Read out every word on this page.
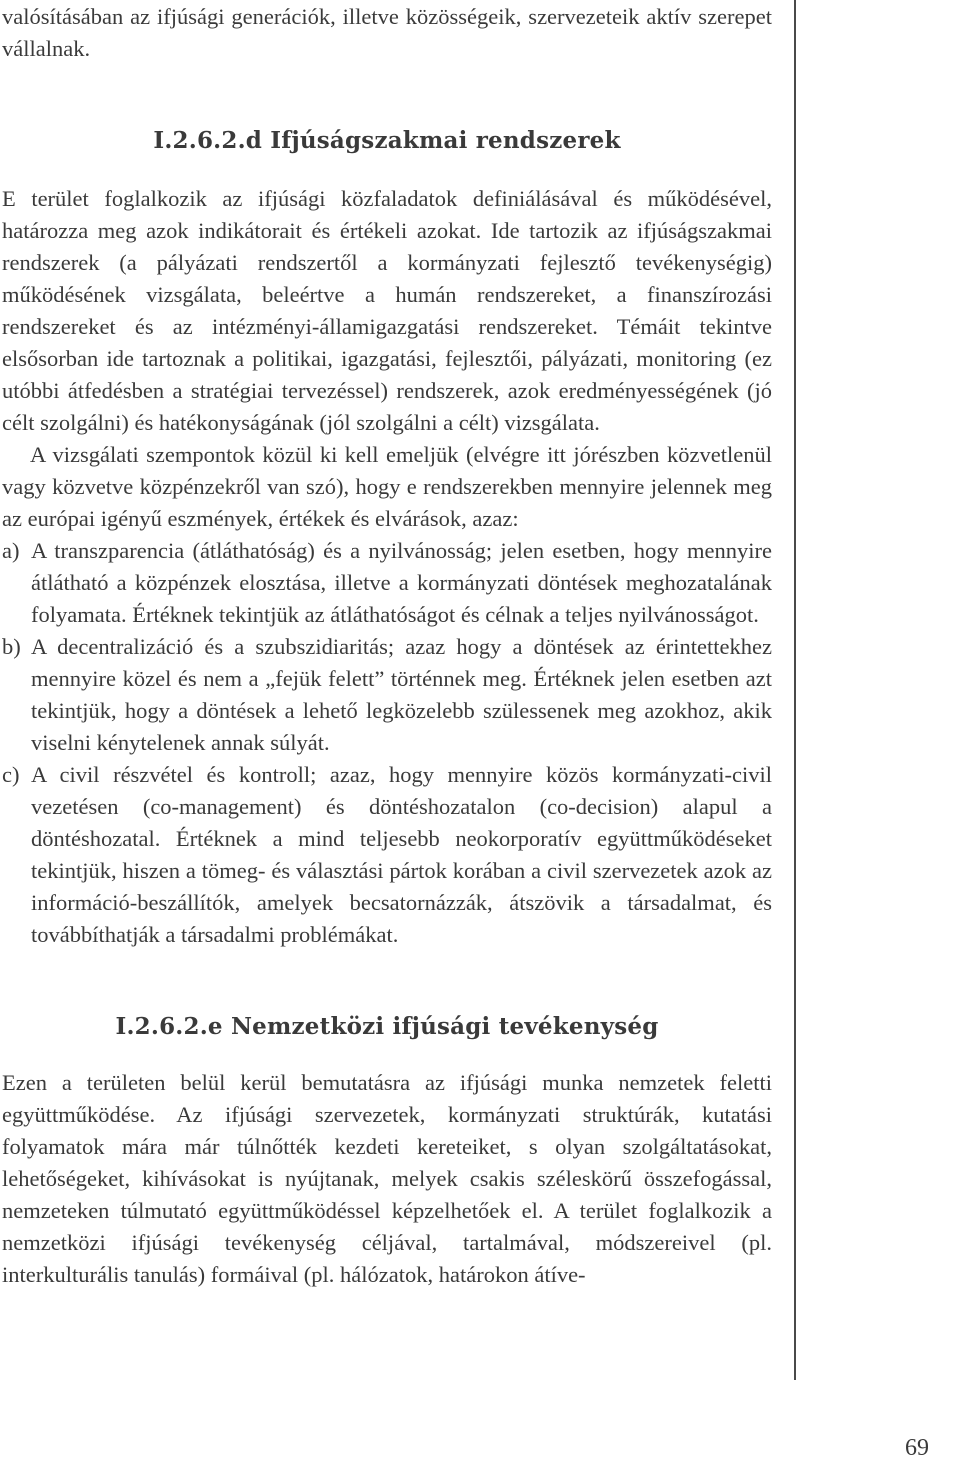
valósításában az ifjúsági generációk, illetve közösségeik, szervezeteik aktív szerepet vállalnak.

I.2.6.2.d Ifjúságszakmai rendszerek

E terület foglalkozik az ifjúsági közfaladatok definiálásával és működésével, határozza meg azok indikátorait és értékeli azokat. Ide tartozik az ifjúságszakmai rendszerek (a pályázati rendszertől a kormányzati fejlesztő tevékenységig) működésének vizsgálata, beleértve a humán rendszereket, a finanszírozási rendszereket és az intézményi-államigazgatási rendszereket. Témáit tekintve elsősorban ide tartoznak a politikai, igazgatási, fejlesztői, pályázati, monitoring (ez utóbbi átfedésben a stratégiai tervezéssel) rendszerek, azok eredményességének (jó célt szolgálni) és hatékonyságának (jól szolgálni a célt) vizsgálata.

A vizsgálati szempontok közül ki kell emeljük (elvégre itt jórészben közvetlenül vagy közvetve közpénzekről van szó), hogy e rendszerekben mennyire jelennek meg az európai igényű eszmények, értékek és elvárások, azaz:

a) A transzparencia (átláthatóság) és a nyilvánosság; jelen esetben, hogy mennyire átlátható a közpénzek elosztása, illetve a kormányzati döntések meghozatalának folyamata. Értéknek tekintjük az átláthatóságot és célnak a teljes nyilvánosságot.
b) A decentralizáció és a szubszidiaritás; azaz hogy a döntések az érintettekhez mennyire közel és nem a „fejük felett” történnek meg. Értéknek jelen esetben azt tekintjük, hogy a döntések a lehető legközelebb szülessenek meg azokhoz, akik viselni kénytelenek annak súlyát.
c) A civil részvétel és kontroll; azaz, hogy mennyire közös kormányzati-civil vezetésen (co-management) és döntéshozatalon (co-decision) alapul a döntéshozatal. Értéknek a mind teljesebb neokorporatív együttműködéseket tekintjük, hiszen a tömeg- és választási pártok korában a civil szervezetek azok az információ-beszállítók, amelyek becsatornázzák, átszövik a társadalmat, és továbbíthatják a társadalmi problémákat.
I.2.6.2.e Nemzetközi ifjúsági tevékenység

Ezen a területen belül kerül bemutatásra az ifjúsági munka nemzetek feletti együttműködése. Az ifjúsági szervezetek, kormányzati struktúrák, kutatási folyamatok mára már túlnőtték kezdeti kereteiket, s olyan szolgáltatásokat, lehetőségeket, kihívásokat is nyújtanak, melyek csakis széleskörű összefogással, nemzeteken túlmutató együttműködéssel képzelhetőek el. A terület foglalkozik a nemzetközi ifjúsági tevékenység céljával, tartalmával, módszereivel (pl. interkulturális tanulás) formáival (pl. hálózatok, határokon átíve-

69
